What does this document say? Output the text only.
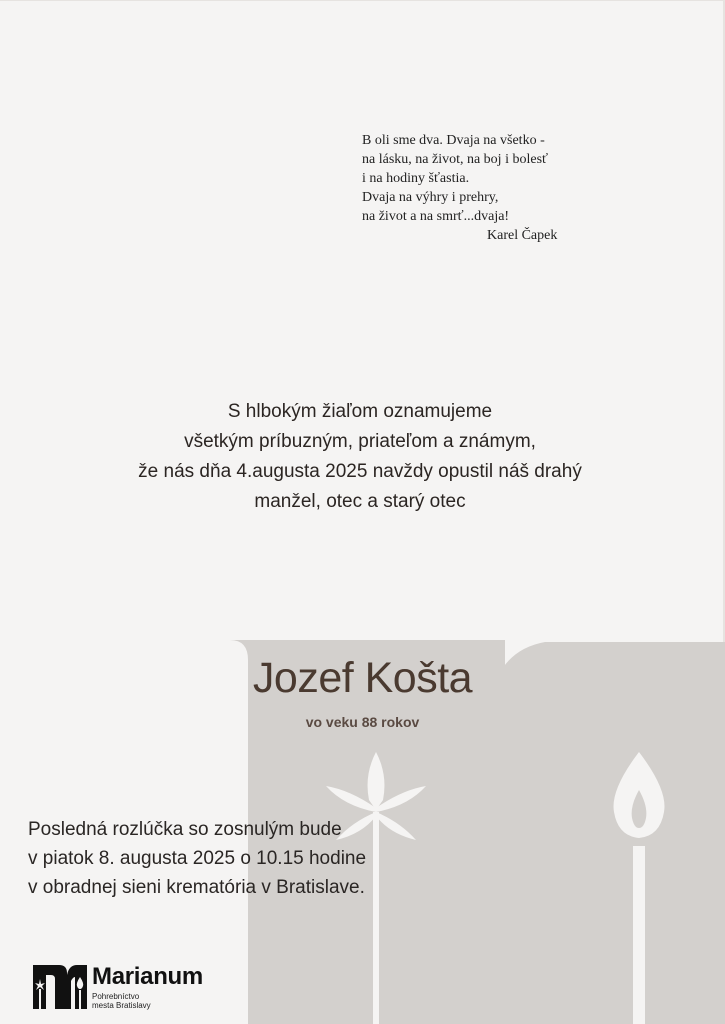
B oli sme dva. Dvaja na všetko -
na lásku, na život, na boj i bolesť
i na hodiny šťastia.
Dvaja na výhry i prehry,
na život a na smrť...dvaja!
Karel Čapek
S hlbokým žiaľom oznamujeme
všetkým príbuzným, priateľom a známym,
že nás dňa 4.augusta 2025 navždy opustil náš drahý
manžel, otec a starý otec
Jozef Košta
vo veku 88 rokov
Posledná rozlúčka so zosnulým bude
v piatok 8. augusta 2025 o 10.15 hodine
v obradnej sieni krematória v Bratislave.
Marianum
Pohrebníctvo
mesta Bratislavy
